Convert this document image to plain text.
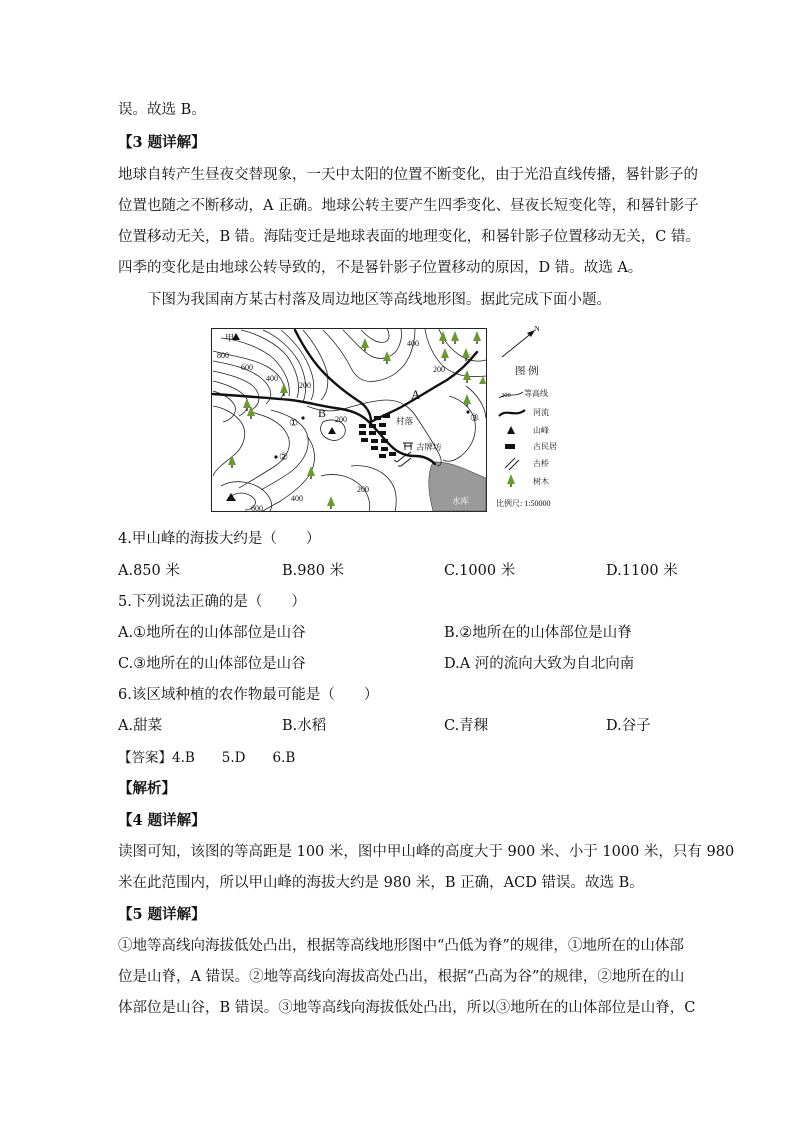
误。故选 B。
【3 题详解】
地球自转产生昼夜交替现象，一天中太阳的位置不断变化，由于光沿直线传播，晷针影子的
位置也随之不断移动，A 正确。地球公转主要产生四季变化、昼夜长短变化等，和晷针影子
位置移动无关，B 错。海陆变迁是地球表面的地理变化，和晷针影子位置移动无关，C 错。
四季的变化是由地球公转导致的，不是晷针影子位置移动的原因，D 错。故选 A。
下图为我国南方某古村落及周边地区等高线地形图。据此完成下面小题。
甲
A
B
①
②
③
村落
古牌坊
水库
800
600
400
200
200
400
200
200
400
600
N
图 例
200 等高线
河流
山峰
古民居
古桥
树木
比例尺: 1:50000
4.甲山峰的海拔大约是（　　）
A.850 米	B.980 米	C.1000 米	D.1100 米
5.下列说法正确的是（　　）
A.①地所在的山体部位是山谷	B.②地所在的山体部位是山脊
C.③地所在的山体部位是山谷	D.A 河的流向大致为自北向南
6.该区域种植的农作物最可能是（　　）
A.甜菜	B.水稻	C.青稞	D.谷子
【答案】4.B　　5.D　　6.B
【解析】
【4 题详解】
读图可知，该图的等高距是 100 米，图中甲山峰的高度大于 900 米、小于 1000 米，只有 980
米在此范围内，所以甲山峰的海拔大约是 980 米，B 正确，ACD 错误。故选 B。
【5 题详解】
①地等高线向海拔低处凸出，根据等高线地形图中“凸低为脊”的规律，①地所在的山体部
位是山脊，A 错误。②地等高线向海拔高处凸出，根据“凸高为谷”的规律，②地所在的山
体部位是山谷，B 错误。③地等高线向海拔低处凸出，所以③地所在的山体部位是山脊，C
